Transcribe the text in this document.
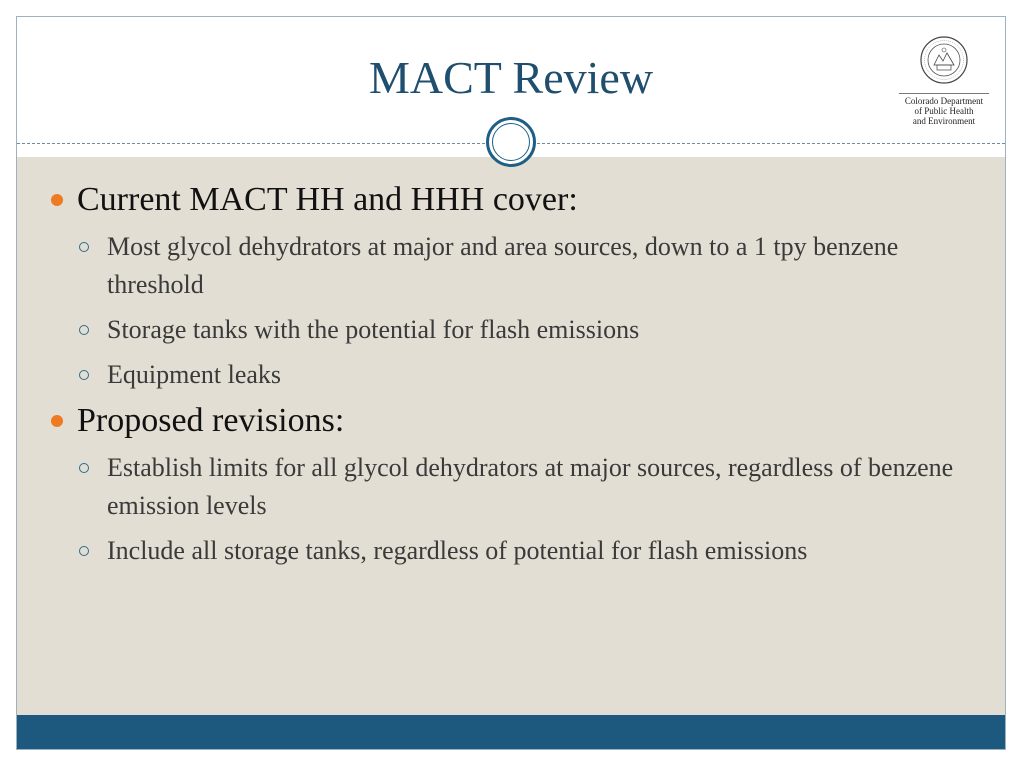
MACT Review	Colorado Department
of Public Health
and Environment
Current MACT HH and HHH cover:
Most glycol dehydrators at major and area sources, down to a 1 tpy benzene threshold
Storage tanks with the potential for flash emissions
Equipment leaks
Proposed revisions:
Establish limits for all glycol dehydrators at major sources, regardless of benzene emission levels
Include all storage tanks, regardless of potential for flash emissions
